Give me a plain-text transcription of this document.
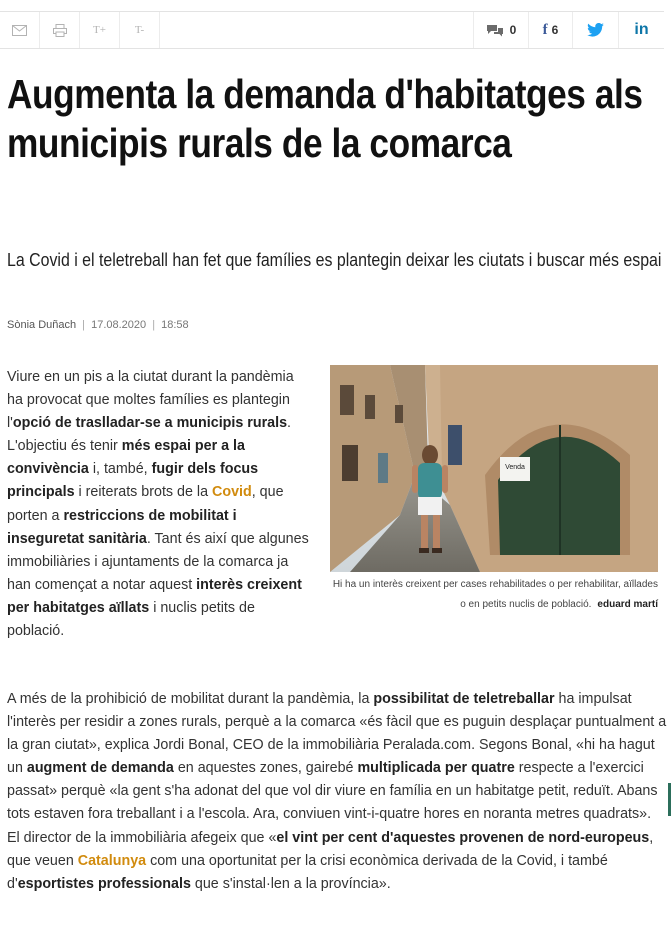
T+	T-	0 f 6	in
Augmenta la demanda d'habitatges als municipis rurals de la comarca
La Covid i el teletreball han fet que famílies es plantegin deixar les ciutats i buscar més espai
Sònia Duñach | 17.08.2020 | 18:58
Viure en un pis a la ciutat durant la pandèmia ha provocat que moltes famílies es plantegin l'opció de traslladar-se a municipis rurals. L'objectiu és tenir més espai per a la convivència i, també, fugir dels focus principals i reiterats brots de la Covid, que porten a restriccions de mobilitat i inseguretat sanitària. Tant és així que algunes immobiliàries i ajuntaments de la comarca ja han començat a notar aquest interès creixent per habitatges aïllats i nuclis petits de població.
Venda
Hi ha un interès creixent per cases rehabilitades o per rehabilitar, aïllades o en petits nuclis de població. eduard martí

A més de la prohibició de mobilitat durant la pandèmia, la possibilitat de teletreballar ha impulsat l'interès per residir a zones rurals, perquè a la comarca «és fàcil que es puguin desplaçar puntualment a la gran ciutat», explica Jordi Bonal, CEO de la immobiliària Peralada.com. Segons Bonal, «hi ha hagut un augment de demanda en aquestes zones, gairebé multiplicada per quatre respecte a l'exercici passat» perquè «la gent s'ha adonat del que vol dir viure en família en un habitatge petit, reduït. Abans tots estaven fora treballant i a l'escola. Ara, conviuen vint-i-quatre hores en noranta metres quadrats».

El director de la immobiliària afegeix que «el vint per cent d'aquestes provenen de nord-europeus, que veuen Catalunya com una oportunitat per la crisi econòmica derivada de la Covid, i també d'esportistes professionals que s'instal·len a la província».
